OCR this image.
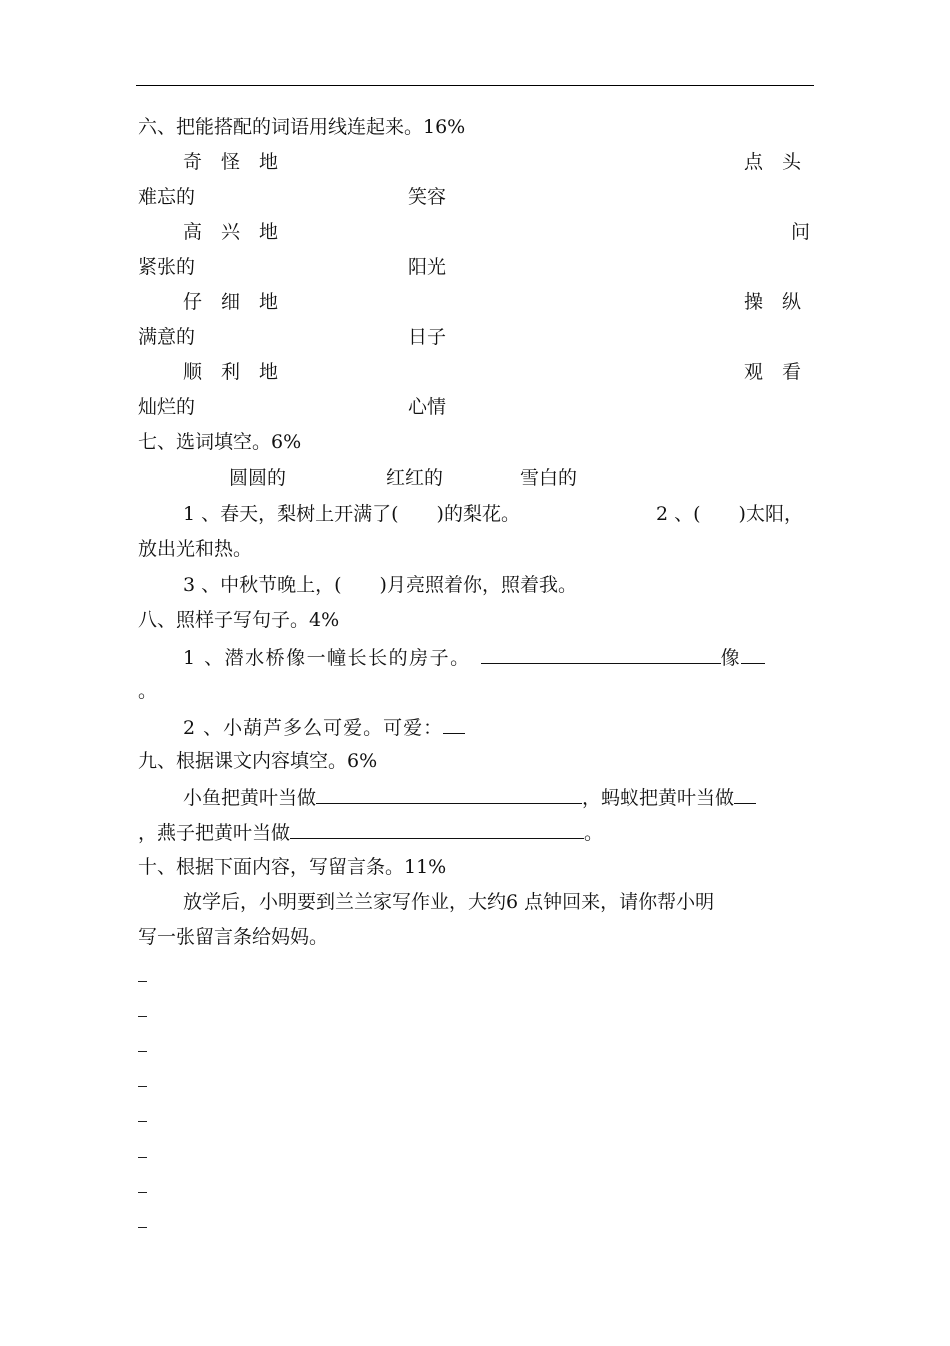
六、把能搭配的词语用线连起来。16%
奇　怪　地	点　头
难忘的	笑容
高　兴　地	问
紧张的	阳光
仔　细　地	操　纵
满意的	日子
顺　利　地	观　看
灿烂的	心情
七、选词填空。6%
圆圆的	红红的	雪白的
1 、春天，梨树上开满了(　　)的梨花。	2 、(　　)太阳，
放出光和热。
3 、中秋节晚上，(　　)月亮照着你，照着我。
八、照样子写句子。4%
1 、潜水桥像一幢长长的房子。	像
。
2 、小葫芦多么可爱。可爱：
九、根据课文内容填空。6%
小鱼把黄叶当做	，蚂蚁把黄叶当做
，燕子把黄叶当做	。
十、根据下面内容，写留言条。11%
放学后，小明要到兰兰家写作业，大约6 点钟回来，请你帮小明
写一张留言条给妈妈。
